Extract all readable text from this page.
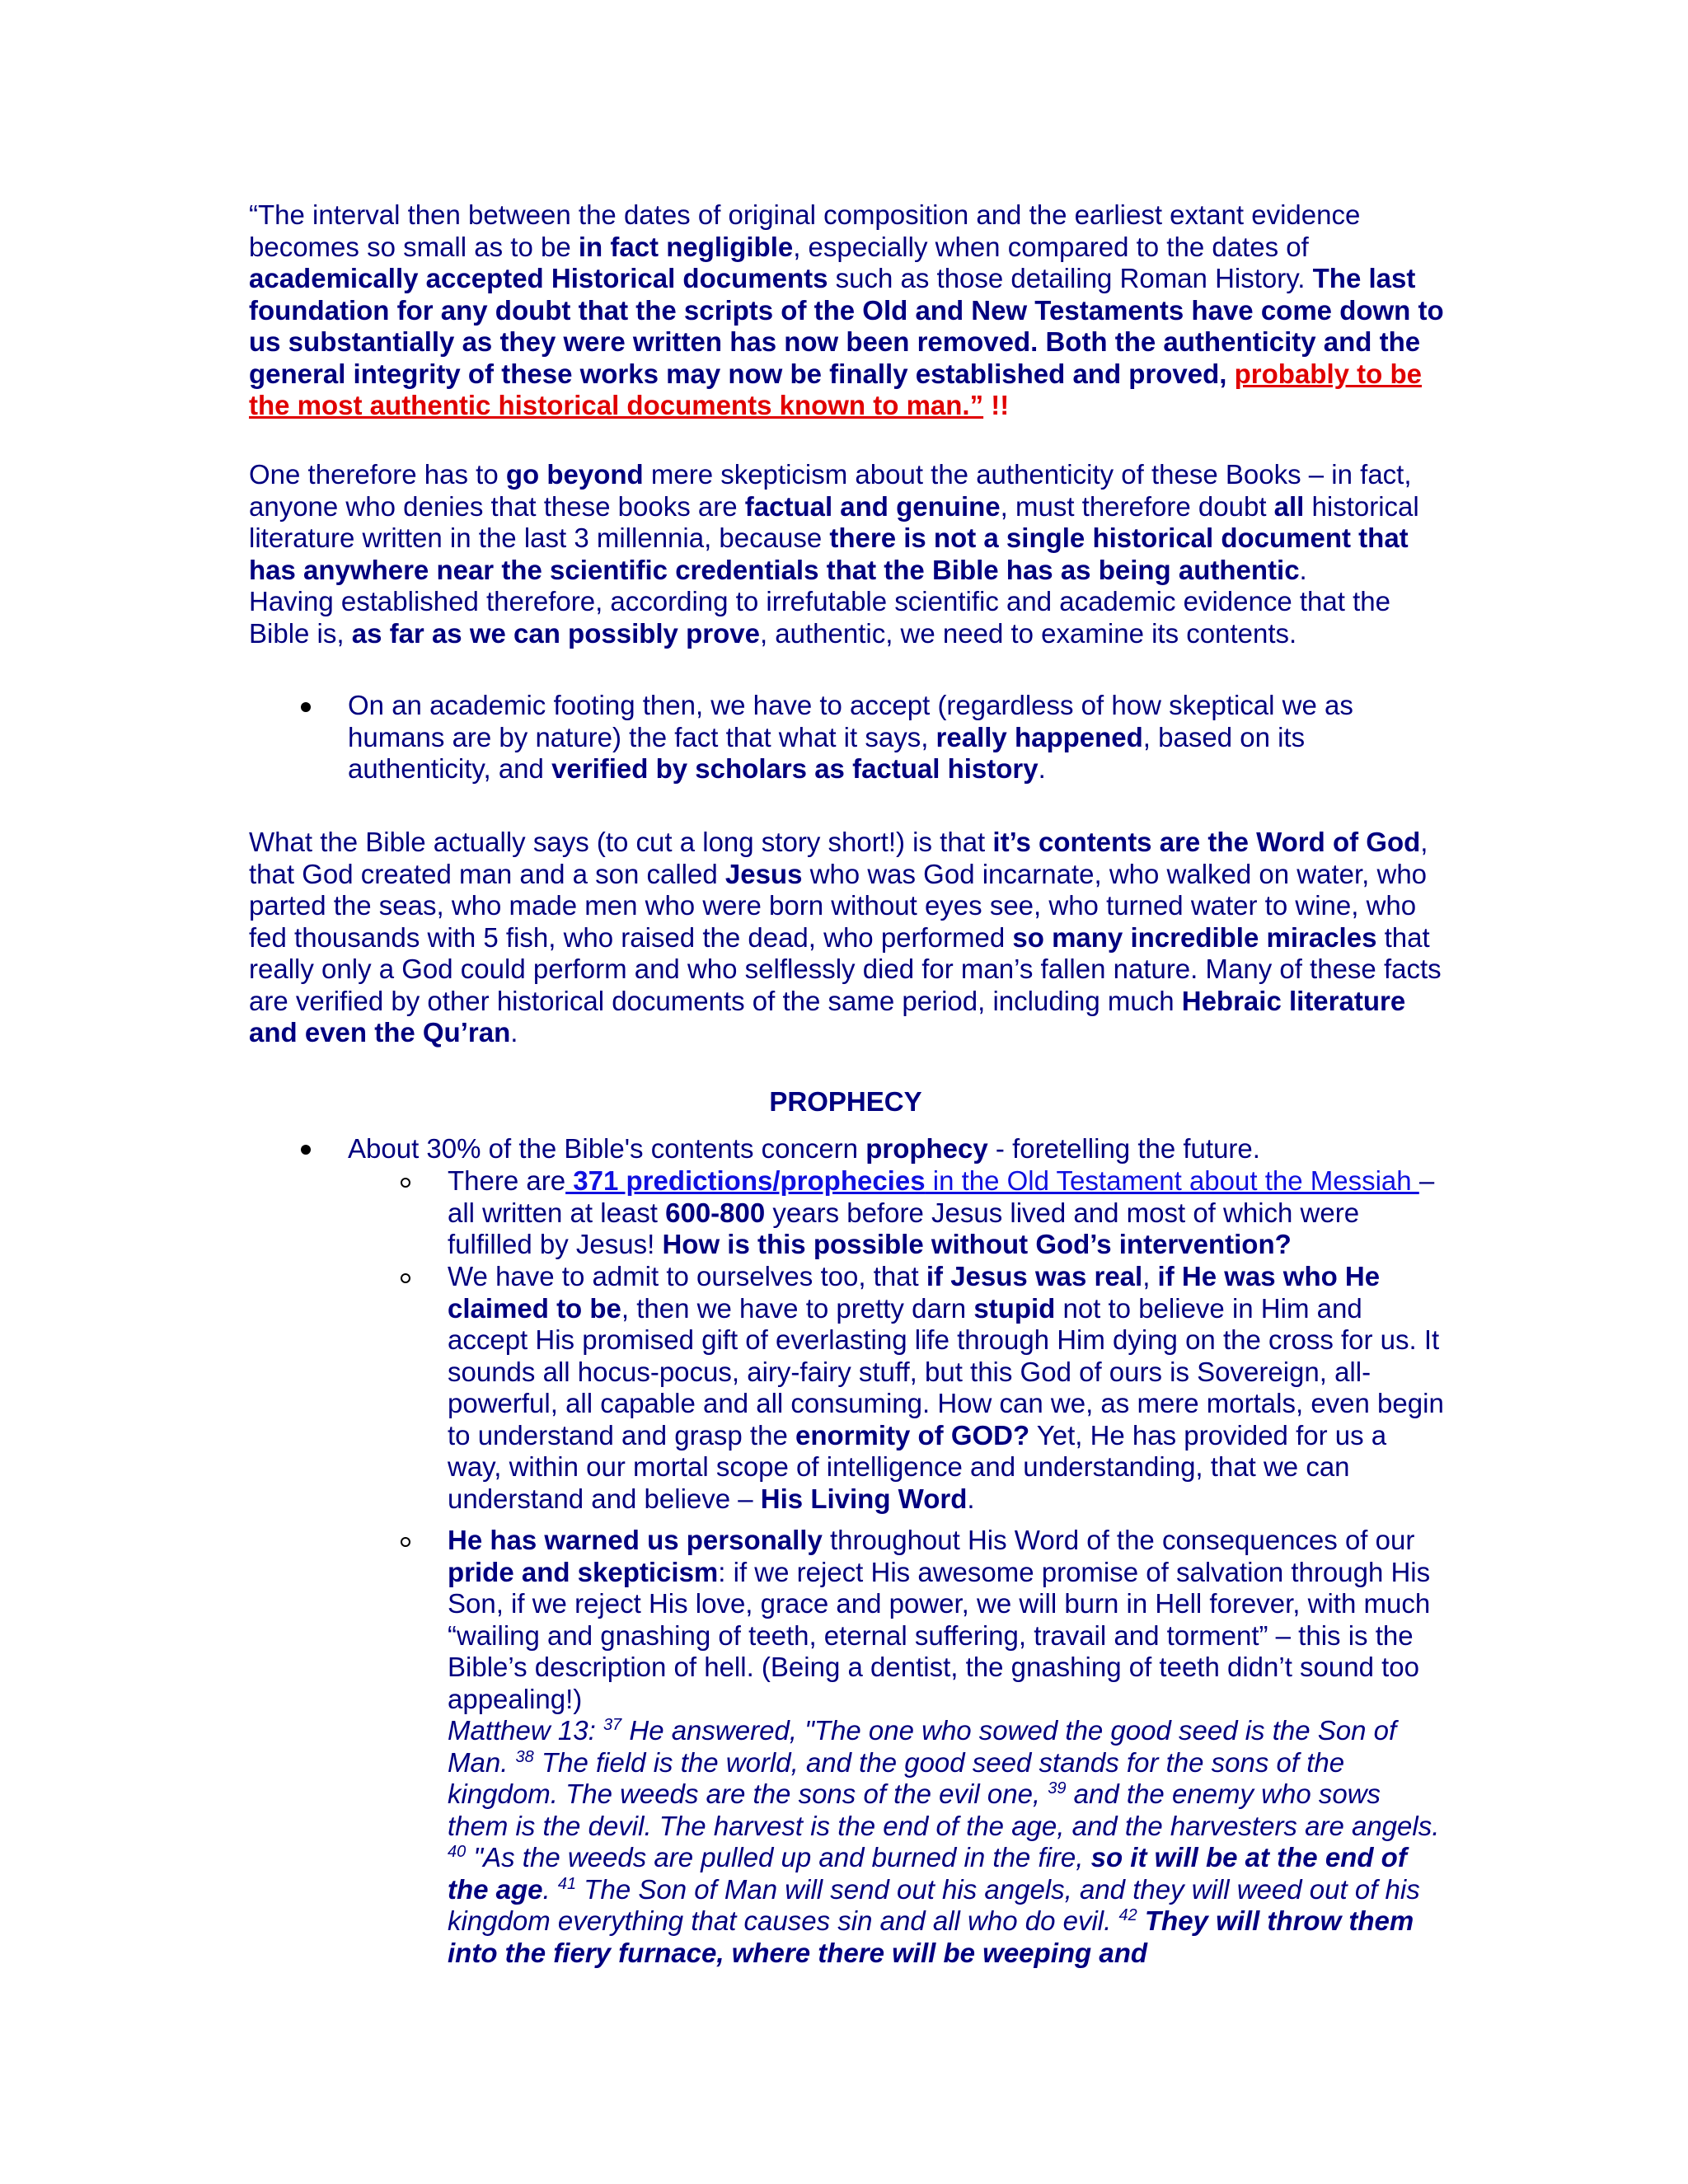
“The interval then between the dates of original composition and the earliest extant evidence becomes so small as to be in fact negligible, especially when compared to the dates of academically accepted Historical documents such as those detailing Roman History. The last foundation for any doubt that the scripts of the Old and New Testaments have come down to us substantially as they were written has now been removed. Both the authenticity and the general integrity of these works may now be finally established and proved, probably to be the most authentic historical documents known to man.” !!

One therefore has to go beyond mere skepticism about the authenticity of these Books – in fact, anyone who denies that these books are factual and genuine, must therefore doubt all historical literature written in the last 3 millennia, because there is not a single historical document that has anywhere near the scientific credentials that the Bible has as being authentic.

Having established therefore, according to irrefutable scientific and academic evidence that the Bible is, as far as we can possibly prove, authentic, we need to examine its contents.

On an academic footing then, we have to accept (regardless of how skeptical we as humans are by nature) the fact that what it says, really happened, based on its authenticity, and verified by scholars as factual history.

What the Bible actually says (to cut a long story short!) is that it’s contents are the Word of God, that God created man and a son called Jesus who was God incarnate, who walked on water, who parted the seas, who made men who were born without eyes see, who turned water to wine, who fed thousands with 5 fish, who raised the dead, who performed so many incredible miracles that really only a God could perform and who selflessly died for man’s fallen nature. Many of these facts are verified by other historical documents of the same period, including much Hebraic literature and even the Qu’ran.

PROPHECY

About 30% of the Bible's contents concern prophecy - foretelling the future.

There are 371 predictions/prophecies in the Old Testament about the Messiah – all written at least 600-800 years before Jesus lived and most of which were fulfilled by Jesus! How is this possible without God’s intervention?

We have to admit to ourselves too, that if Jesus was real, if He was who He claimed to be, then we have to pretty darn stupid not to believe in Him and accept His promised gift of everlasting life through Him dying on the cross for us. It sounds all hocus-pocus, airy-fairy stuff, but this God of ours is Sovereign, all-powerful, all capable and all consuming. How can we, as mere mortals, even begin to understand and grasp the enormity of GOD? Yet, He has provided for us a way, within our mortal scope of intelligence and understanding, that we can understand and believe – His Living Word.

He has warned us personally throughout His Word of the consequences of our pride and skepticism: if we reject His awesome promise of salvation through His Son, if we reject His love, grace and power, we will burn in Hell forever, with much “wailing and gnashing of teeth, eternal suffering, travail and torment” – this is the Bible’s description of hell. (Being a dentist, the gnashing of teeth didn’t sound too appealing!)

Matthew 13: $^{37}$ He answered, "The one who sowed the good seed is the Son of Man. $^{38}$ The field is the world, and the good seed stands for the sons of the kingdom. The weeds are the sons of the evil one, $^{39}$ and the enemy who sows them is the devil. The harvest is the end of the age, and the harvesters are angels. $^{40}$ "As the weeds are pulled up and burned in the fire, so it will be at the end of the age. $^{41}$ The Son of Man will send out his angels, and they will weed out of his kingdom everything that causes sin and all who do evil. $^{42}$ They will throw them into the fiery furnace, where there will be weeping and
